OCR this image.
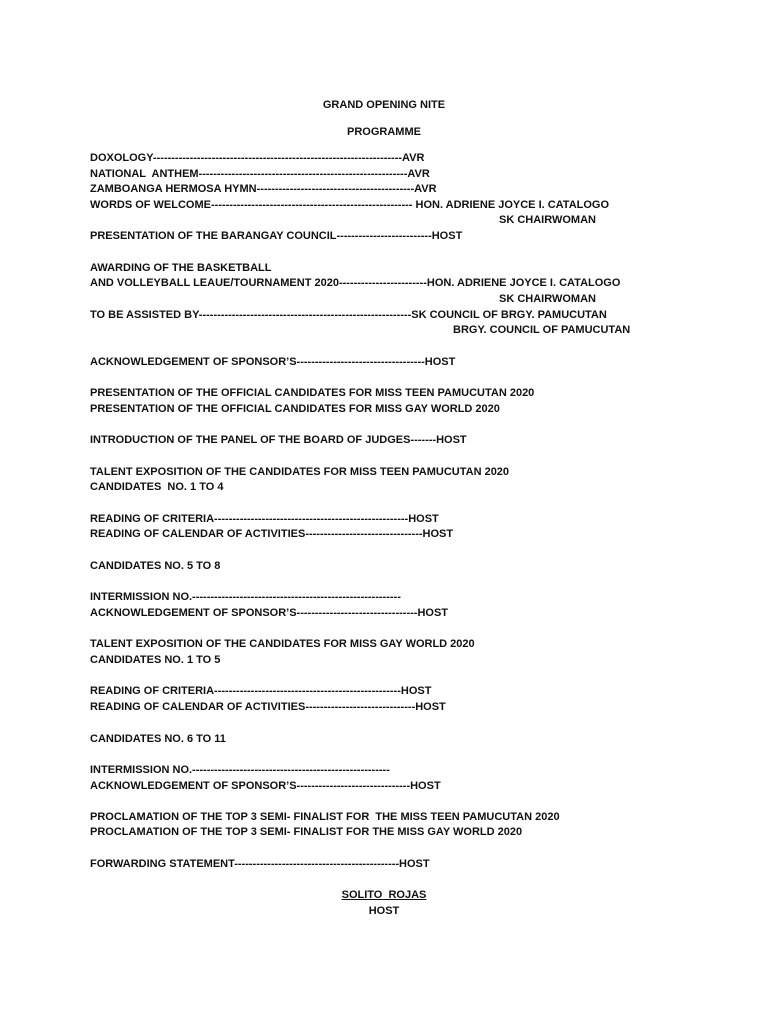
GRAND OPENING NITE
PROGRAMME
DOXOLOGY--------------------------------------------------------------------AVR
NATIONAL  ANTHEM---------------------------------------------------------AVR
ZAMBOANGA HERMOSA HYMN-------------------------------------------AVR
WORDS OF WELCOME------------------------------------------------------- HON. ADRIENE JOYCE I. CATALOGO
SK CHAIRWOMAN
PRESENTATION OF THE BARANGAY COUNCIL--------------------------HOST
AWARDING OF THE BASKETBALL
AND VOLLEYBALL LEAUE/TOURNAMENT 2020------------------------HON. ADRIENE JOYCE I. CATALOGO
SK CHAIRWOMAN
TO BE ASSISTED BY----------------------------------------------------------SK COUNCIL OF BRGY. PAMUCUTAN
BRGY. COUNCIL OF PAMUCUTAN
ACKNOWLEDGEMENT OF SPONSOR’S-----------------------------------HOST
PRESENTATION OF THE OFFICIAL CANDIDATES FOR MISS TEEN PAMUCUTAN 2020
PRESENTATION OF THE OFFICIAL CANDIDATES FOR MISS GAY WORLD 2020
INTRODUCTION OF THE PANEL OF THE BOARD OF JUDGES-------HOST
TALENT EXPOSITION OF THE CANDIDATES FOR MISS TEEN PAMUCUTAN 2020
CANDIDATES  NO. 1 TO 4
READING OF CRITERIA-----------------------------------------------------HOST
READING OF CALENDAR OF ACTIVITIES--------------------------------HOST
CANDIDATES NO. 5 TO 8
INTERMISSION NO.---------------------------------------------------------
ACKNOWLEDGEMENT OF SPONSOR’S---------------------------------HOST
TALENT EXPOSITION OF THE CANDIDATES FOR MISS GAY WORLD 2020
CANDIDATES NO. 1 TO 5
READING OF CRITERIA---------------------------------------------------HOST
READING OF CALENDAR OF ACTIVITIES------------------------------HOST
CANDIDATES NO. 6 TO 11
INTERMISSION NO.------------------------------------------------------
ACKNOWLEDGEMENT OF SPONSOR’S-------------------------------HOST
PROCLAMATION OF THE TOP 3 SEMI- FINALIST FOR  THE MISS TEEN PAMUCUTAN 2020
PROCLAMATION OF THE TOP 3 SEMI- FINALIST FOR THE MISS GAY WORLD 2020
FORWARDING STATEMENT---------------------------------------------HOST
SOLITO  ROJAS
HOST
